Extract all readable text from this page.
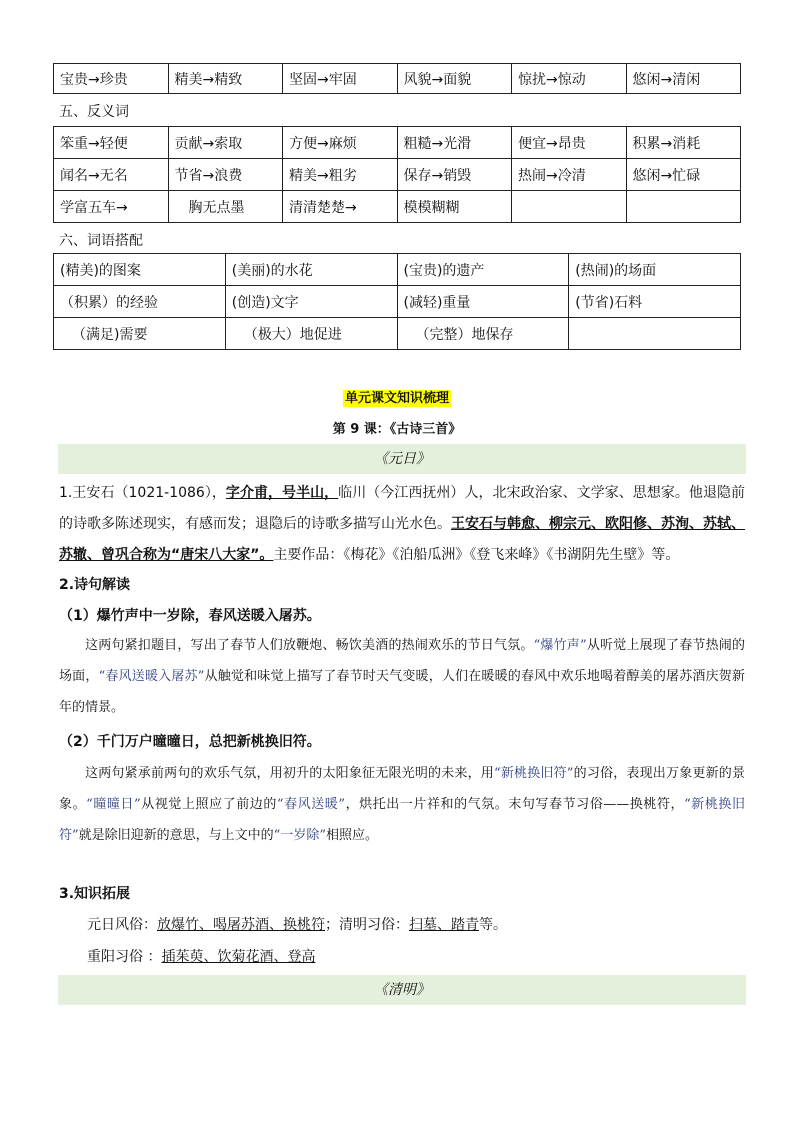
宝贵→珍贵	精美→精致	坚固→牢固	风貌→面貌	惊扰→惊动	悠闲→清闲
五、反义词
笨重→轻便	贡献→索取	方便→麻烦	粗糙→光滑	便宜→昂贵	积累→消耗
闻名→无名	节省→浪费	精美→粗劣	保存→销毁	热闹→冷清	悠闲→忙碌
学富五车→	胸无点墨	清清楚楚→	模模糊糊		
六、词语搭配
(精美)的图案	(美丽)的水花	(宝贵)的遗产	(热闹)的场面
（积累）的经验	(创造)文字	(减轻)重量	(节省)石料
（满足)需要	（极大）地促进	（完整）地保存	
单元课文知识梳理
第 9 课：《古诗三首》
《元日》
1.王安石（1021-1086），字介甫，号半山，临川（今江西抚州）人，北宋政治家、文学家、思想家。他退隐前的诗歌多陈述现实，有感而发；退隐后的诗歌多描写山光水色。王安石与韩愈、柳宗元、欧阳修、苏洵、苏轼、苏辙、曾巩合称为“唐宋八大家”。主要作品：《梅花》《泊船瓜洲》《登飞来峰》《书湖阴先生壁》等。
2.诗句解读
（1）爆竹声中一岁除，春风送暖入屠苏。
这两句紧扣题目，写出了春节人们放鞭炮、畅饮美酒的热闹欢乐的节日气氛。“爆竹声”从听觉上展现了春节热闹的场面，“春风送暖入屠苏”从触觉和味觉上描写了春节时天气变暖，人们在暖暖的春风中欢乐地喝着醇美的屠苏酒庆贺新年的情景。
（2）千门万户曈曈日，总把新桃换旧符。
这两句紧承前两句的欢乐气氛，用初升的太阳象征无限光明的未来，用“新桃换旧符”的习俗，表现出万象更新的景象。“曈曈日”从视觉上照应了前边的“春风送暖”，烘托出一片祥和的气氛。末句写春节习俗——换桃符，“新桃换旧符”就是除旧迎新的意思，与上文中的“一岁除”相照应。
3.知识拓展
元日风俗：放爆竹、喝屠苏酒、换桃符；清明习俗：扫墓、踏青等。
重阳习俗 ：插茱萸、饮菊花酒、登高
《清明》
